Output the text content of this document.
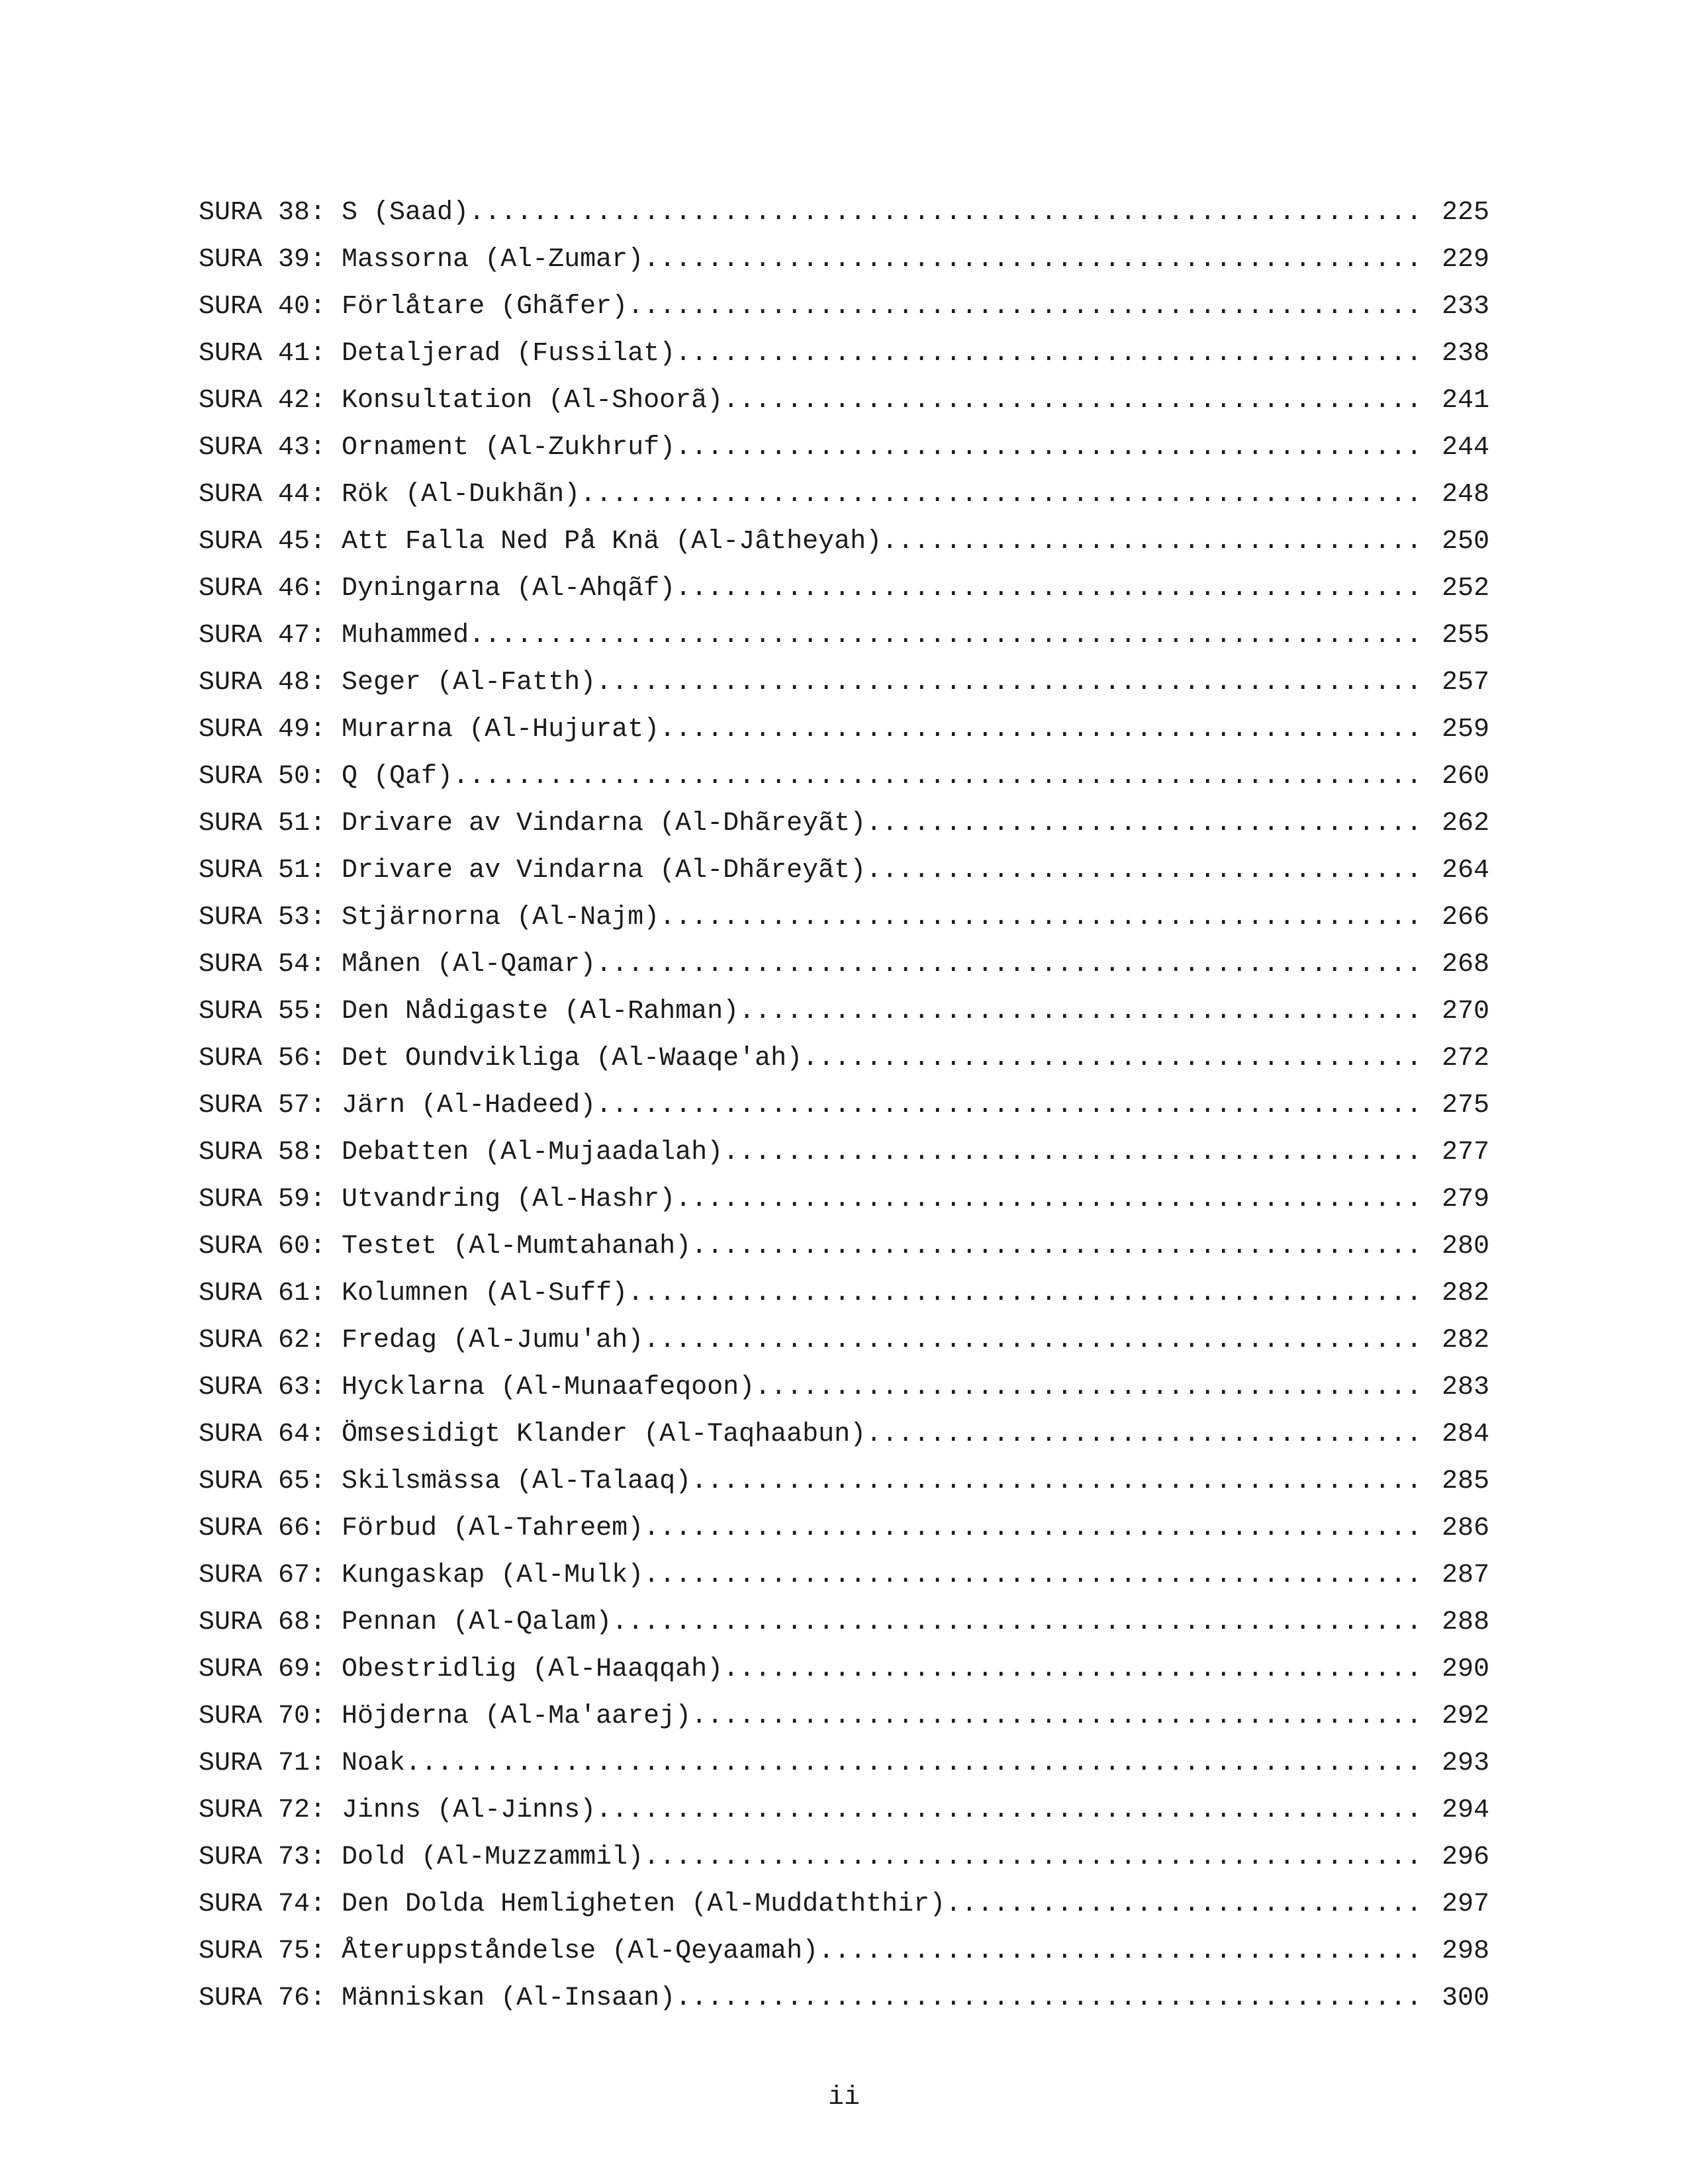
SURA 38: S (Saad) .....	225
SURA 39: Massorna (Al-Zumar) .....	229
SURA 40: Förlåtare (Ghãfer) .....	233
SURA 41: Detaljerad (Fussilat) .....	238
SURA 42: Konsultation (Al-Shoorã) .....	241
SURA 43: Ornament (Al-Zukhruf) .....	244
SURA 44: Rök (Al-Dukhãn) .....	248
SURA 45: Att Falla Ned På Knä (Al-Jâtheyah) .....	250
SURA 46: Dyningarna (Al-Ahqãf) .....	252
SURA 47: Muhammed .....	255
SURA 48: Seger (Al-Fatth) .....	257
SURA 49: Murarna (Al-Hujurat) .....	259
SURA 50: Q (Qaf) .....	260
SURA 51: Drivare av Vindarna (Al-Dhãreyãt) .....	262
SURA 51: Drivare av Vindarna (Al-Dhãreyãt) .....	264
SURA 53: Stjärnorna (Al-Najm) .....	266
SURA 54: Månen (Al-Qamar) .....	268
SURA 55: Den Nådigaste (Al-Rahman) .....	270
SURA 56: Det Oundvikliga (Al-Waaqe'ah) .....	272
SURA 57: Järn (Al-Hadeed) .....	275
SURA 58: Debatten (Al-Mujaadalah) .....	277
SURA 59: Utvandring (Al-Hashr) .....	279
SURA 60: Testet (Al-Mumtahanah) .....	280
SURA 61: Kolumnen (Al-Suff) .....	282
SURA 62: Fredag (Al-Jumu'ah) .....	282
SURA 63: Hycklarna (Al-Munaafeqoon) .....	283
SURA 64: Ömsesidigt Klander (Al-Taqhaabun) .....	284
SURA 65: Skilsmässa (Al-Talaaq) .....	285
SURA 66: Förbud (Al-Tahreem) .....	286
SURA 67: Kungaskap (Al-Mulk) .....	287
SURA 68: Pennan (Al-Qalam) .....	288
SURA 69: Obestridlig (Al-Haaqqah) .....	290
SURA 70: Höjderna (Al-Ma'aarej) .....	292
SURA 71: Noak .....	293
SURA 72: Jinns (Al-Jinns) .....	294
SURA 73: Dold (Al-Muzzammil) .....	296
SURA 74: Den Dolda Hemligheten (Al-Muddaththir) .....	297
SURA 75: Återuppståndelse (Al-Qeyaamah) .....	298
SURA 76: Människan (Al-Insaan) .....	300
ii
